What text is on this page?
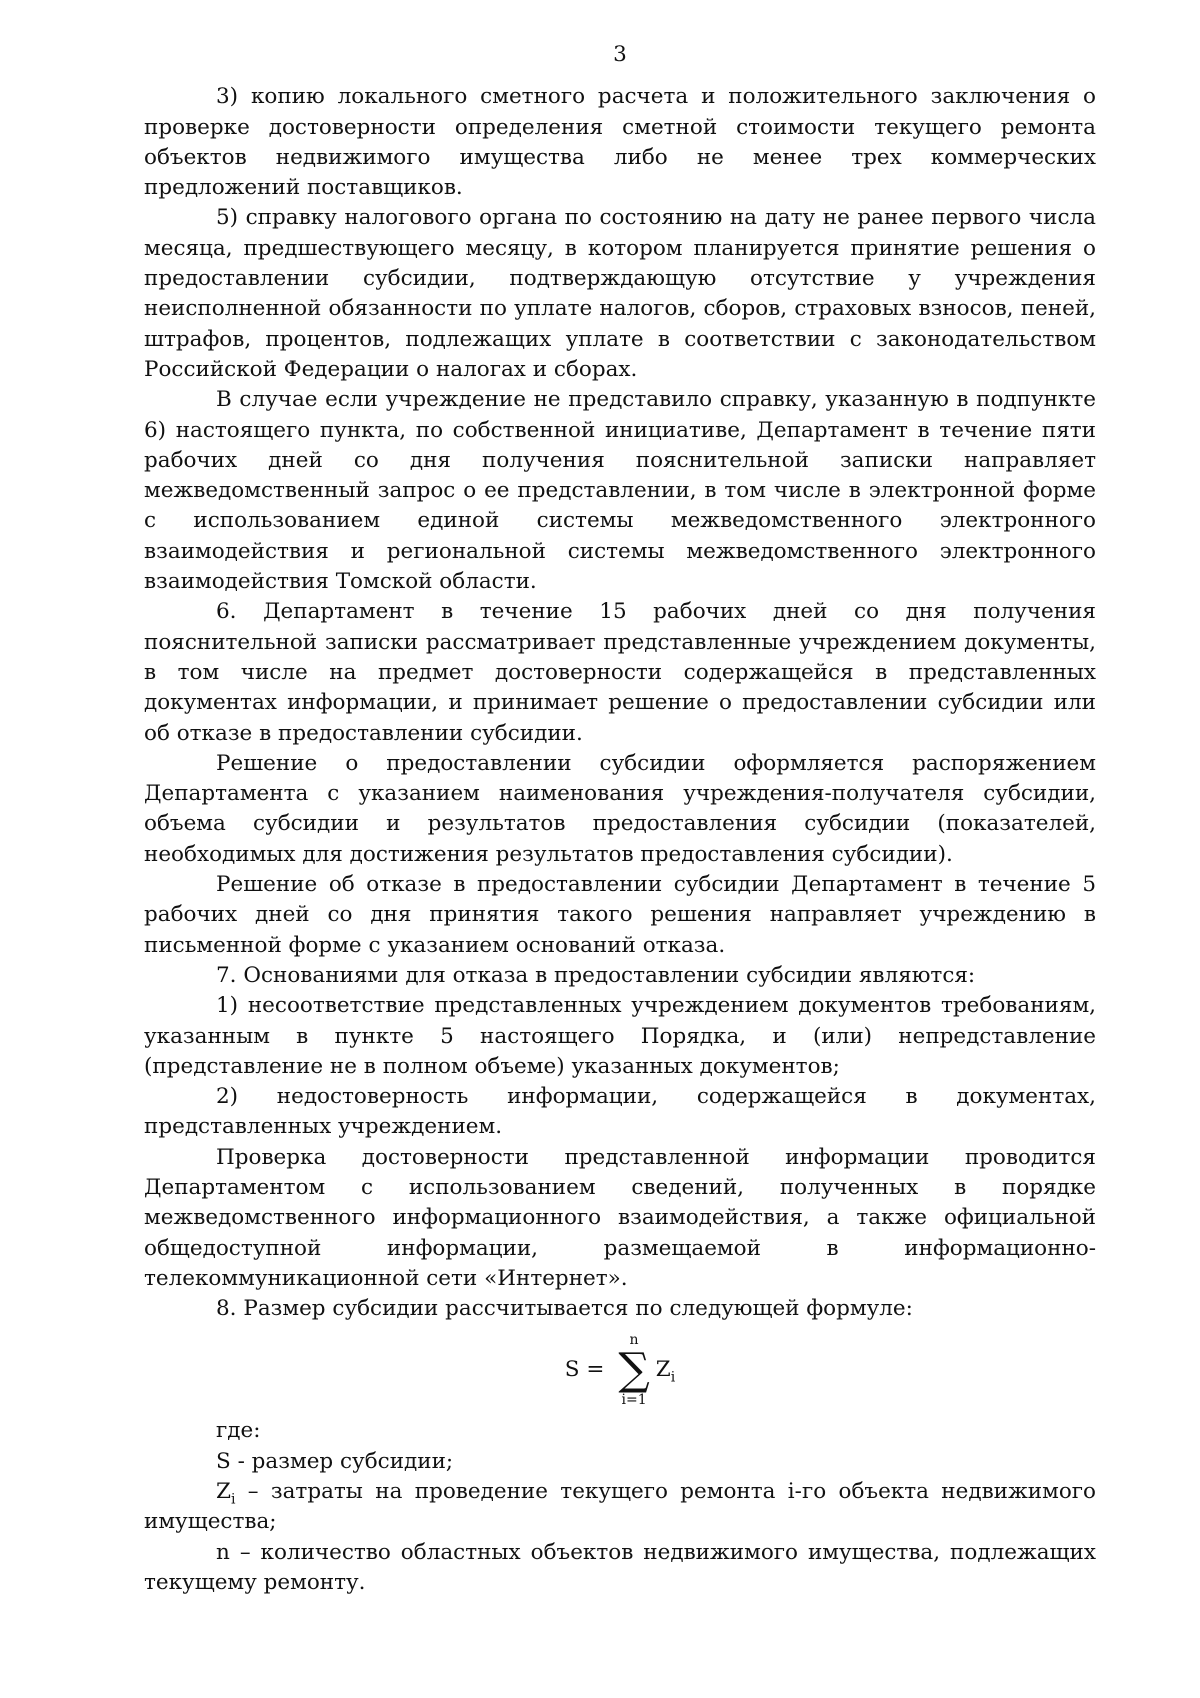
3

3) копию локального сметного расчета и положительного заключения о проверке достоверности определения сметной стоимости текущего ремонта объектов недвижимого имущества либо не менее трех коммерческих предложений поставщиков.

5) справку налогового органа по состоянию на дату не ранее первого числа месяца, предшествующего месяцу, в котором планируется принятие решения о предоставлении субсидии, подтверждающую отсутствие у учреждения неисполненной обязанности по уплате налогов, сборов, страховых взносов, пеней, штрафов, процентов, подлежащих уплате в соответствии с законодательством Российской Федерации о налогах и сборах.

В случае если учреждение не представило справку, указанную в подпункте 6) настоящего пункта, по собственной инициативе, Департамент в течение пяти рабочих дней со дня получения пояснительной записки направляет межведомственный запрос о ее представлении, в том числе в электронной форме с использованием единой системы межведомственного электронного взаимодействия и региональной системы межведомственного электронного взаимодействия Томской области.

6. Департамент в течение 15 рабочих дней со дня получения пояснительной записки рассматривает представленные учреждением документы, в том числе на предмет достоверности содержащейся в представленных документах информации, и принимает решение о предоставлении субсидии или об отказе в предоставлении субсидии.

Решение о предоставлении субсидии оформляется распоряжением Департамента с указанием наименования учреждения-получателя субсидии, объема субсидии и результатов предоставления субсидии (показателей, необходимых для достижения результатов предоставления субсидии).

Решение об отказе в предоставлении субсидии Департамент в течение 5 рабочих дней со дня принятия такого решения направляет учреждению в письменной форме с указанием оснований отказа.

7. Основаниями для отказа в предоставлении субсидии являются:

1) несоответствие представленных учреждением документов требованиям, указанным в пункте 5 настоящего Порядка, и (или) непредставление (представление не в полном объеме) указанных документов;

2) недостоверность информации, содержащейся в документах, представленных учреждением.

Проверка достоверности представленной информации проводится Департаментом с использованием сведений, полученных в порядке межведомственного информационного взаимодействия, а также официальной общедоступной информации, размещаемой в информационно-телекоммуникационной сети «Интернет».

8. Размер субсидии рассчитывается по следующей формуле:

S =
n
∑
i=1
$Z_i$

где:

S - размер субсидии;

$Z_i$ – затраты на проведение текущего ремонта i-го объекта недвижимого имущества;

n – количество областных объектов недвижимого имущества, подлежащих текущему ремонту.
